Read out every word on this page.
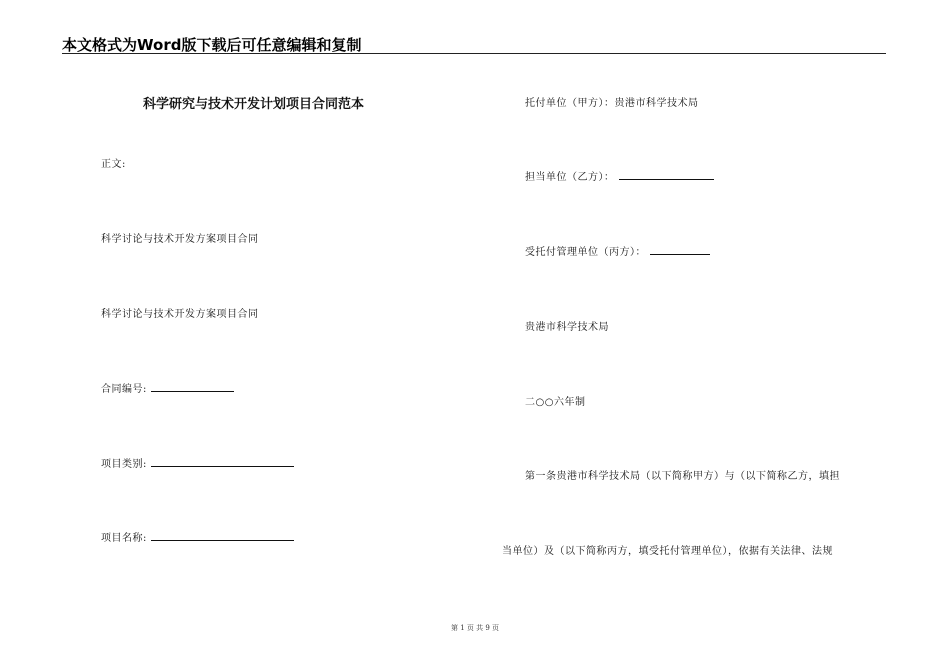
本文格式为Word版下载后可任意编辑和复制
科学研究与技术开发计划项目合同范本
正文:
科学讨论与技术开发方案项目合同
科学讨论与技术开发方案项目合同
合同编号:
项目类别:
项目名称:
托付单位（甲方）：贵港市科学技术局
担当单位（乙方）：
受托付管理单位（丙方）：
贵港市科学技术局
二○○六年制
第一条贵港市科学技术局（以下简称甲方）与（以下简称乙方，填担
当单位）及（以下简称丙方，填受托付管理单位），依据有关法律、法规
第 1 页 共 9 页
